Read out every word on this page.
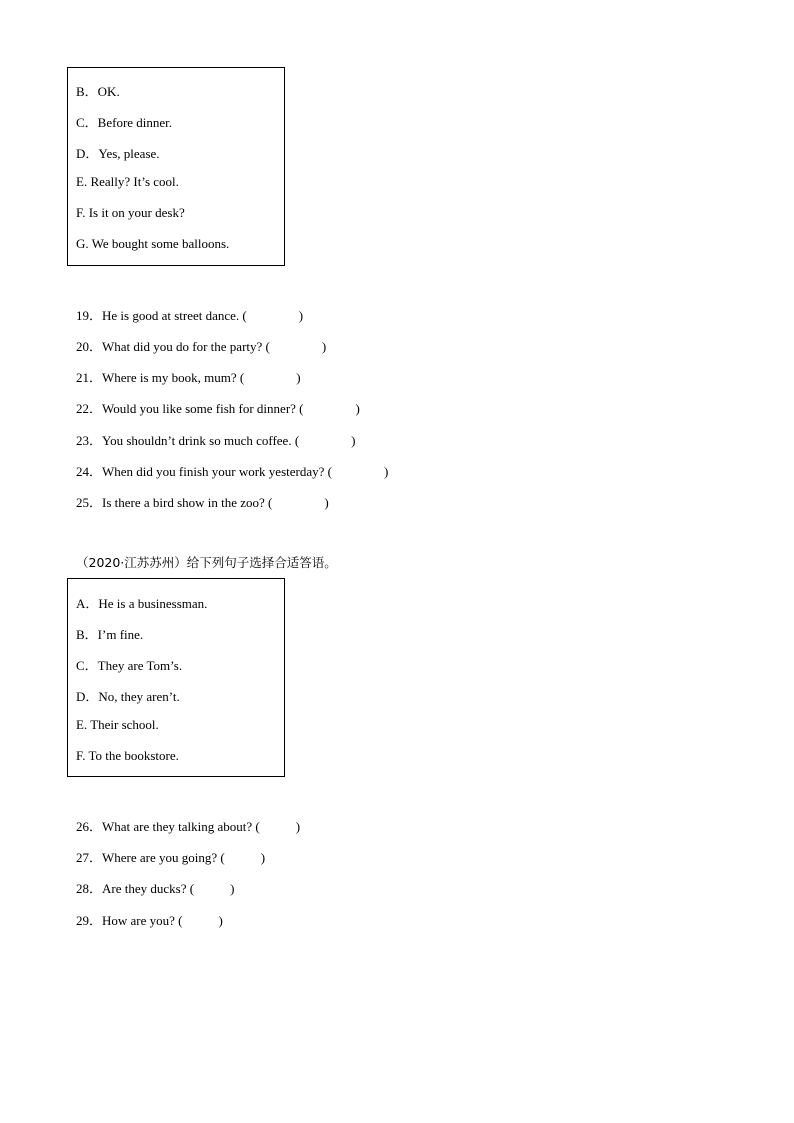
B．OK.
C．Before dinner.
D．Yes, please.
E. Really? It’s cool.
F. Is it on your desk?
G. We bought some balloons.
19．He is good at street dance. (	)
20．What did you do for the party? (	)
21．Where is my book, mum? (	)
22．Would you like some fish for dinner? (	)
23．You shouldn’t drink so much coffee. (	)
24．When did you finish your work yesterday? (	)
25．Is there a bird show in the zoo? (	)
（2020·江苏苏州）给下列句子选择合适答语。
A．He is a businessman.
B．I’m fine.
C．They are Tom’s.
D．No, they aren’t.
E. Their school.
F. To the bookstore.
26．What are they talking about? (	)
27．Where are you going? (	)
28．Are they ducks? (	)
29．How are you? (	)
